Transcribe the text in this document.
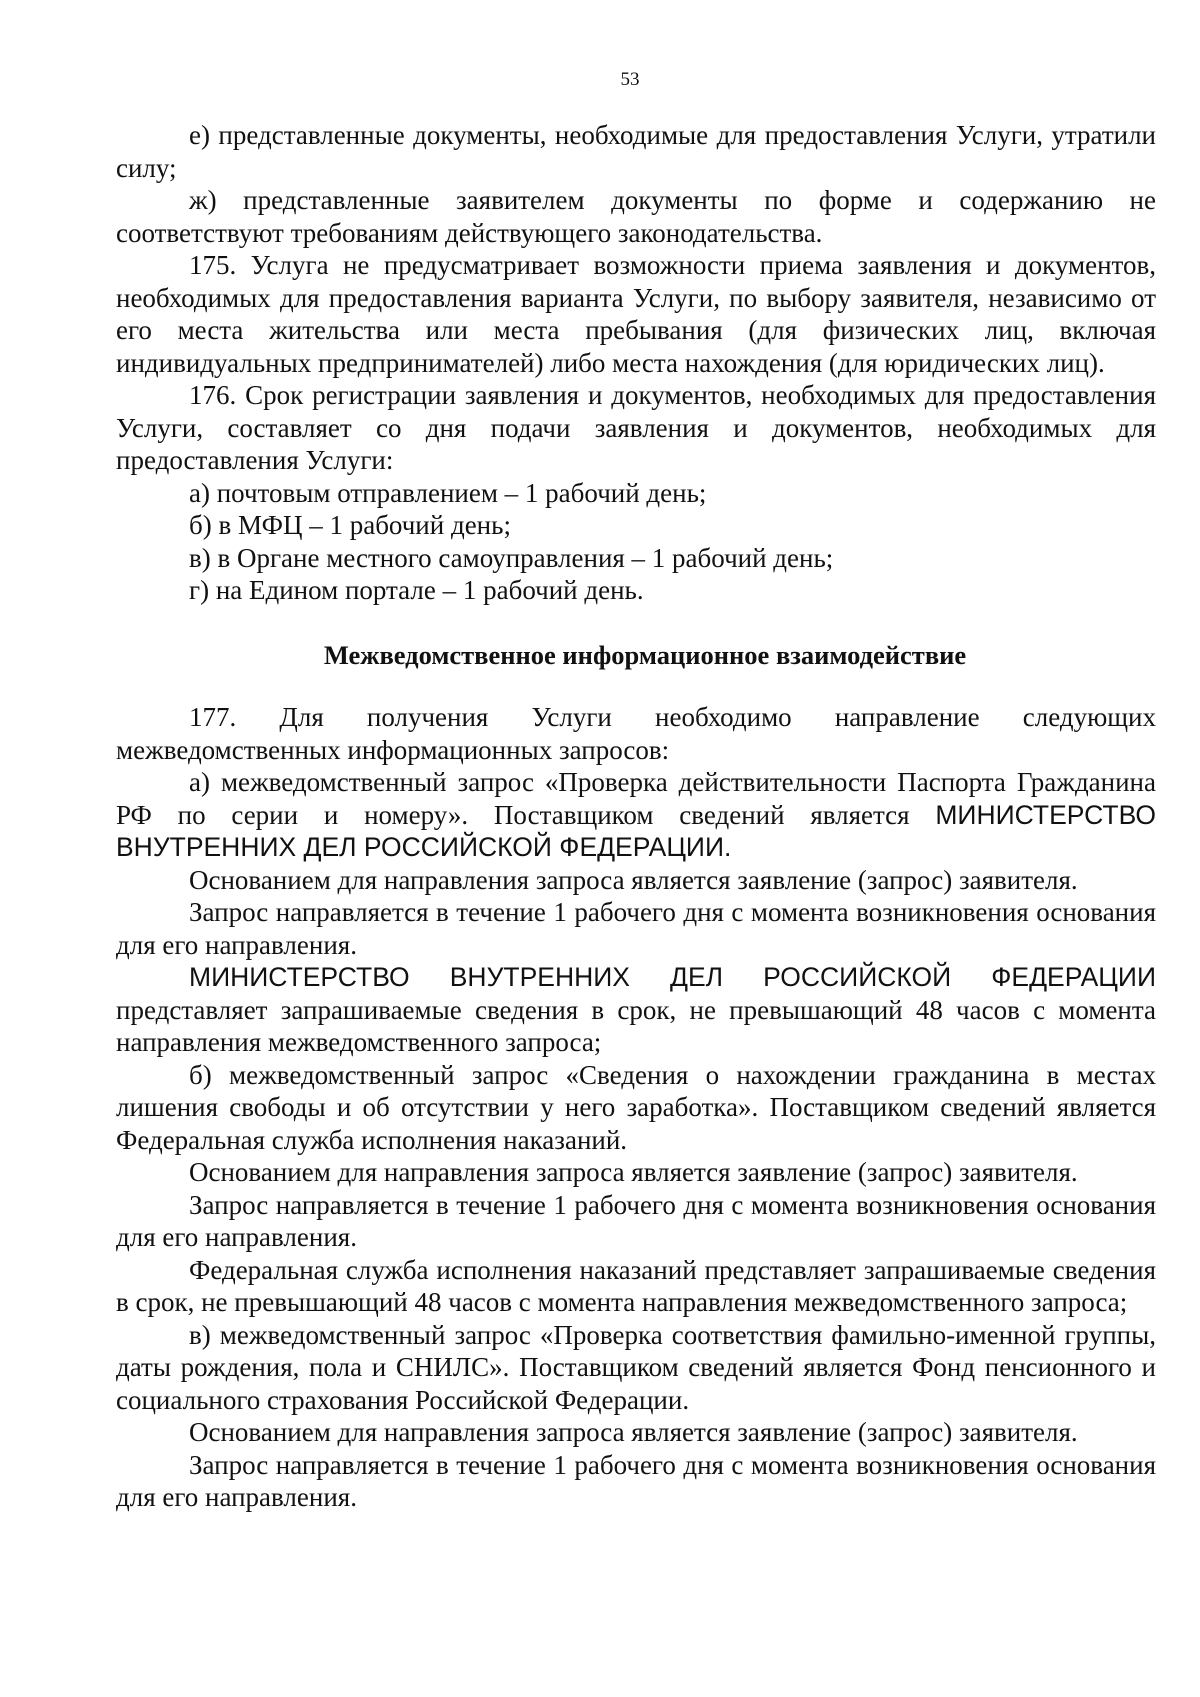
53

е) представленные документы, необходимые для предоставления Услуги, утратили силу;

ж) представленные заявителем документы по форме и содержанию не соответствуют требованиям действующего законодательства.

175. Услуга не предусматривает возможности приема заявления и документов, необходимых для предоставления варианта Услуги, по выбору заявителя, независимо от его места жительства или места пребывания (для физических лиц, включая индивидуальных предпринимателей) либо места нахождения (для юридических лиц).

176. Срок регистрации заявления и документов, необходимых для предоставления Услуги, составляет со дня подачи заявления и документов, необходимых для предоставления Услуги:

а) почтовым отправлением – 1 рабочий день;

б) в МФЦ – 1 рабочий день;

в) в Органе местного самоуправления – 1 рабочий день;

г) на Едином портале – 1 рабочий день.

Межведомственное информационное взаимодействие

177. Для получения Услуги необходимо направление следующих межведомственных информационных запросов:

а) межведомственный запрос «Проверка действительности Паспорта Гражданина РФ по серии и номеру». Поставщиком сведений является МИНИСТЕРСТВО ВНУТРЕННИХ ДЕЛ РОССИЙСКОЙ ФЕДЕРАЦИИ.

Основанием для направления запроса является заявление (запрос) заявителя.

Запрос направляется в течение 1 рабочего дня с момента возникновения основания для его направления.

МИНИСТЕРСТВО ВНУТРЕННИХ ДЕЛ РОССИЙСКОЙ ФЕДЕРАЦИИ представляет запрашиваемые сведения в срок, не превышающий 48 часов с момента направления межведомственного запроса;

б) межведомственный запрос «Сведения о нахождении гражданина в местах лишения свободы и об отсутствии у него заработка». Поставщиком сведений является Федеральная служба исполнения наказаний.

Основанием для направления запроса является заявление (запрос) заявителя.

Запрос направляется в течение 1 рабочего дня с момента возникновения основания для его направления.

Федеральная служба исполнения наказаний представляет запрашиваемые сведения в срок, не превышающий 48 часов с момента направления межведомственного запроса;

в) межведомственный запрос «Проверка соответствия фамильно-именной группы, даты рождения, пола и СНИЛС». Поставщиком сведений является Фонд пенсионного и социального страхования Российской Федерации.

Основанием для направления запроса является заявление (запрос) заявителя.

Запрос направляется в течение 1 рабочего дня с момента возникновения основания для его направления.
